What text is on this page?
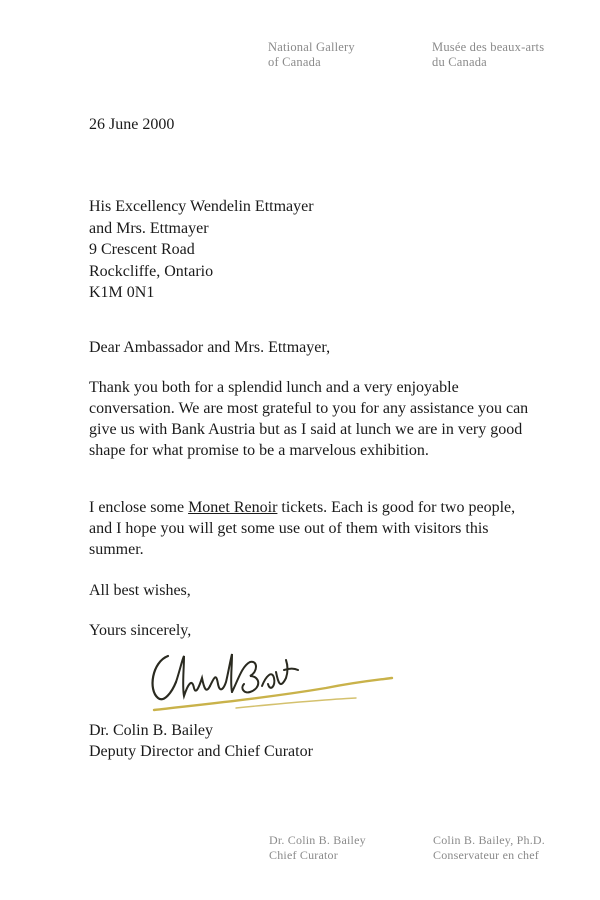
National Gallery
of Canada
Musée des beaux-arts
du Canada
26 June 2000
His Excellency Wendelin Ettmayer
and Mrs. Ettmayer
9 Crescent Road
Rockcliffe, Ontario
K1M 0N1
Dear Ambassador and Mrs. Ettmayer,
Thank you both for a splendid lunch and a very enjoyable conversation. We are most grateful to you for any assistance you can give us with Bank Austria but as I said at lunch we are in very good shape for what promise to be a marvelous exhibition.
I enclose some Monet Renoir tickets. Each is good for two people, and I hope you will get some use out of them with visitors this summer.
All best wishes,
Yours sincerely,
Dr. Colin B. Bailey
Deputy Director and Chief Curator
Dr. Colin B. Bailey
Chief Curator
Colin B. Bailey, Ph.D.
Conservateur en chef
